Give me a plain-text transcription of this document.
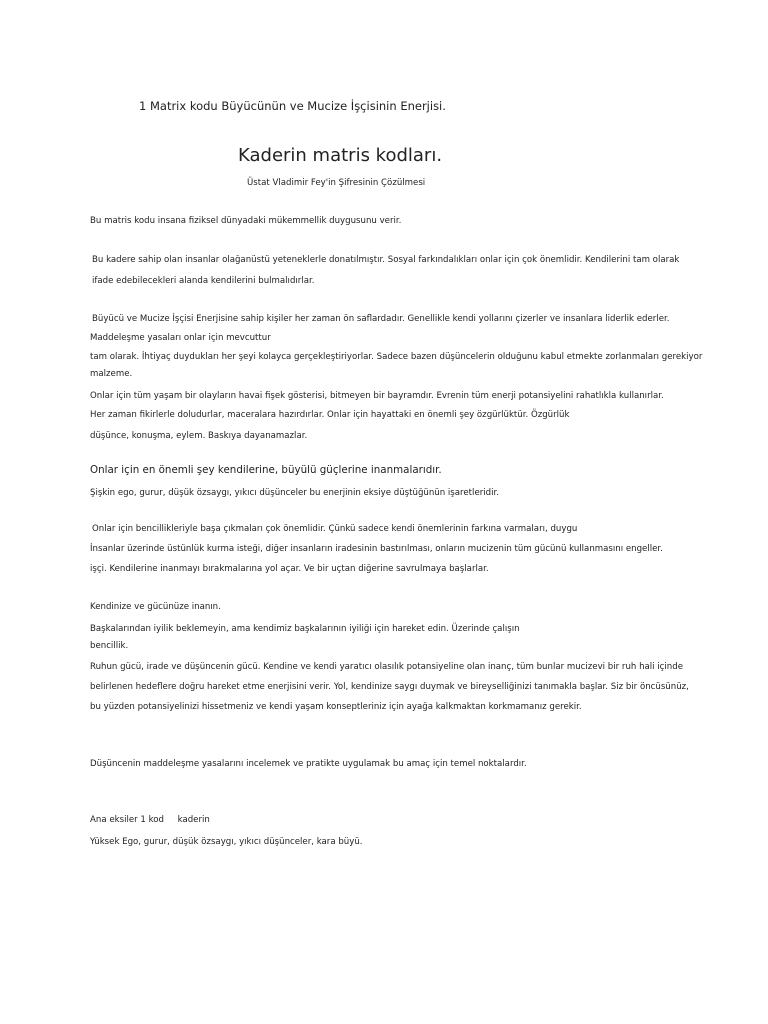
1 Matrix kodu Büyücünün ve Mucize İşçisinin Enerjisi.
Kaderin matris kodları.
Üstat Vladimir Fey'in Şifresinin Çözülmesi
Bu matris kodu insana fiziksel dünyadaki mükemmellik duygusunu verir.
Bu kadere sahip olan insanlar olağanüstü yeteneklerle donatılmıştır. Sosyal farkındalıkları onlar için çok önemlidir. Kendilerini tam olarak
ifade edebilecekleri alanda kendilerini bulmalıdırlar.
Büyücü ve Mucize İşçisi Enerjisine sahip kişiler her zaman ön saflardadır. Genellikle kendi yollarını çizerler ve insanlara liderlik ederler.
Maddeleşme yasaları onlar için mevcuttur
tam olarak. İhtiyaç duydukları her şeyi kolayca gerçekleştiriyorlar. Sadece bazen düşüncelerin olduğunu kabul etmekte zorlanmaları gerekiyor
malzeme.
Onlar için tüm yaşam bir olayların havai fişek gösterisi, bitmeyen bir bayramdır. Evrenin tüm enerji potansiyelini rahatlıkla kullanırlar.
Her zaman fikirlerle doludurlar, maceralara hazırdırlar. Onlar için hayattaki en önemli şey özgürlüktür. Özgürlük
düşünce, konuşma, eylem. Baskıya dayanamazlar.
Onlar için en önemli şey kendilerine, büyülü güçlerine inanmalarıdır.
Şişkin ego, gurur, düşük özsaygı, yıkıcı düşünceler bu enerjinin eksiye düştüğünün işaretleridir.
Onlar için bencillikleriyle başa çıkmaları çok önemlidir. Çünkü sadece kendi önemlerinin farkına varmaları, duygu
İnsanlar üzerinde üstünlük kurma isteği, diğer insanların iradesinin bastırılması, onların mucizenin tüm gücünü kullanmasını engeller.
işçi. Kendilerine inanmayı bırakmalarına yol açar. Ve bir uçtan diğerine savrulmaya başlarlar.
Kendinize ve gücünüze inanın.
Başkalarından iyilik beklemeyin, ama kendimiz başkalarının iyiliği için hareket edin. Üzerinde çalışın
bencillik.
Ruhun gücü, irade ve düşüncenin gücü. Kendine ve kendi yaratıcı olasılık potansiyeline olan inanç, tüm bunlar mucizevi bir ruh hali içinde
belirlenen hedeflere doğru hareket etme enerjisini verir. Yol, kendinize saygı duymak ve bireyselliğinizi tanımakla başlar. Siz bir öncüsünüz,
bu yüzden potansiyelinizi hissetmeniz ve kendi yaşam konseptleriniz için ayağa kalkmaktan korkmamanız gerekir.
Düşüncenin maddeleşme yasalarını incelemek ve pratikte uygulamak bu amaç için temel noktalardır.
Ana eksiler 1 kod     kaderin
Yüksek Ego, gurur, düşük özsaygı, yıkıcı düşünceler, kara büyü.
